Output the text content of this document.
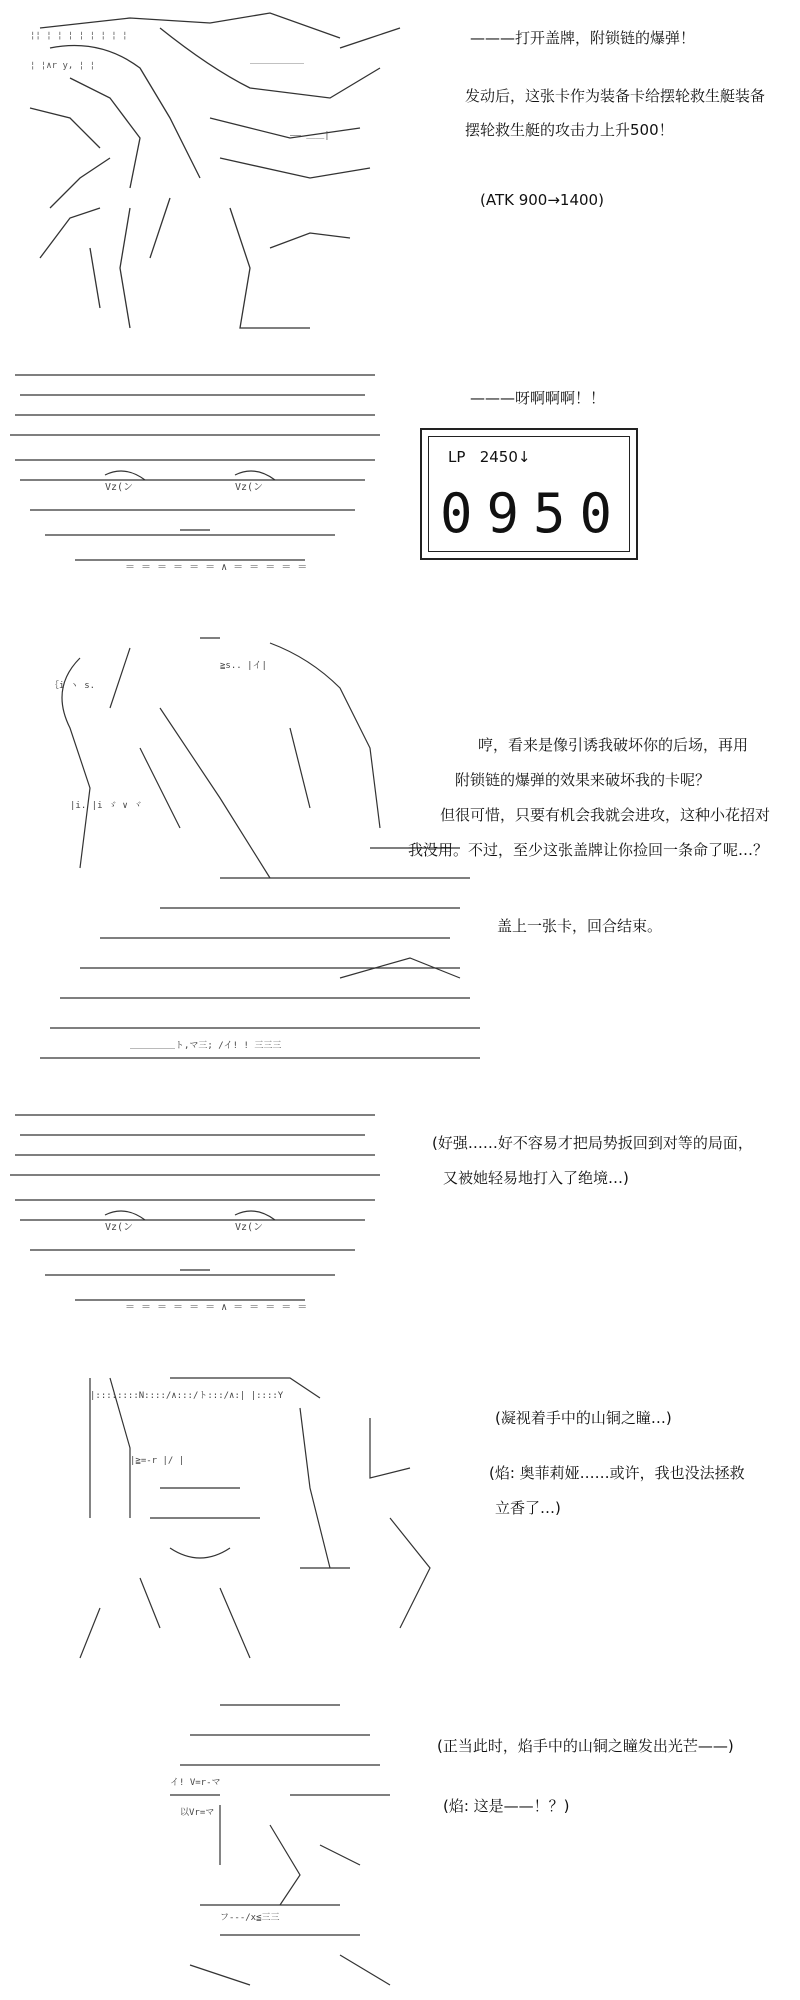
¦¦ ¦ ¦ ¦ ¦ ¦ ¦ ¦ ¦
¦ ¦∧r y, ¦ ¦	＿＿＿＿＿＿
―― ＿＿|
———打开盖牌，附锁链的爆弹！
发动后，这张卡作为装备卡给摆轮救生艇装备
摆轮救生艇的攻击力上升500！
(ATK 900→1400)
Vz(ン	Vz(ン
＝ ＝ ＝ ＝ ＝ ＝ ∧ ＝ ＝ ＝ ＝ ＝
———呀啊啊啊！！
LP 2450↓
0950
｛i ヽ s.
≧s.. |イ|
|i. |i ゞ ∨ ヾ
＿＿＿＿＿ト,マ三; /イ! ! 三三三
哼，看来是像引诱我破坏你的后场，再用
附锁链的爆弹的效果来破坏我的卡呢？
但很可惜，只要有机会我就会进攻，这种小花招对
我没用。不过，至少这张盖牌让你捡回一条命了呢…？
盖上一张卡，回合结束。
Vz(ン	Vz(ン
＝ ＝ ＝ ＝ ＝ ＝ ∧ ＝ ＝ ＝ ＝ ＝
(好强……好不容易才把局势扳回到对等的局面，
又被她轻易地打入了绝境…)
|::::::::N::::/∧:::/ト:::/∧:| |::::Y
|≧=-r |/ |
(凝视着手中的山铜之瞳…)
(焰: 奥菲莉娅……或许，我也没法拯救
立香了…)
イ! V=r-マ
以Vr=マ
フ---/x≦三三
(正当此时，焰手中的山铜之瞳发出光芒——)
(焰: 这是——！？)
